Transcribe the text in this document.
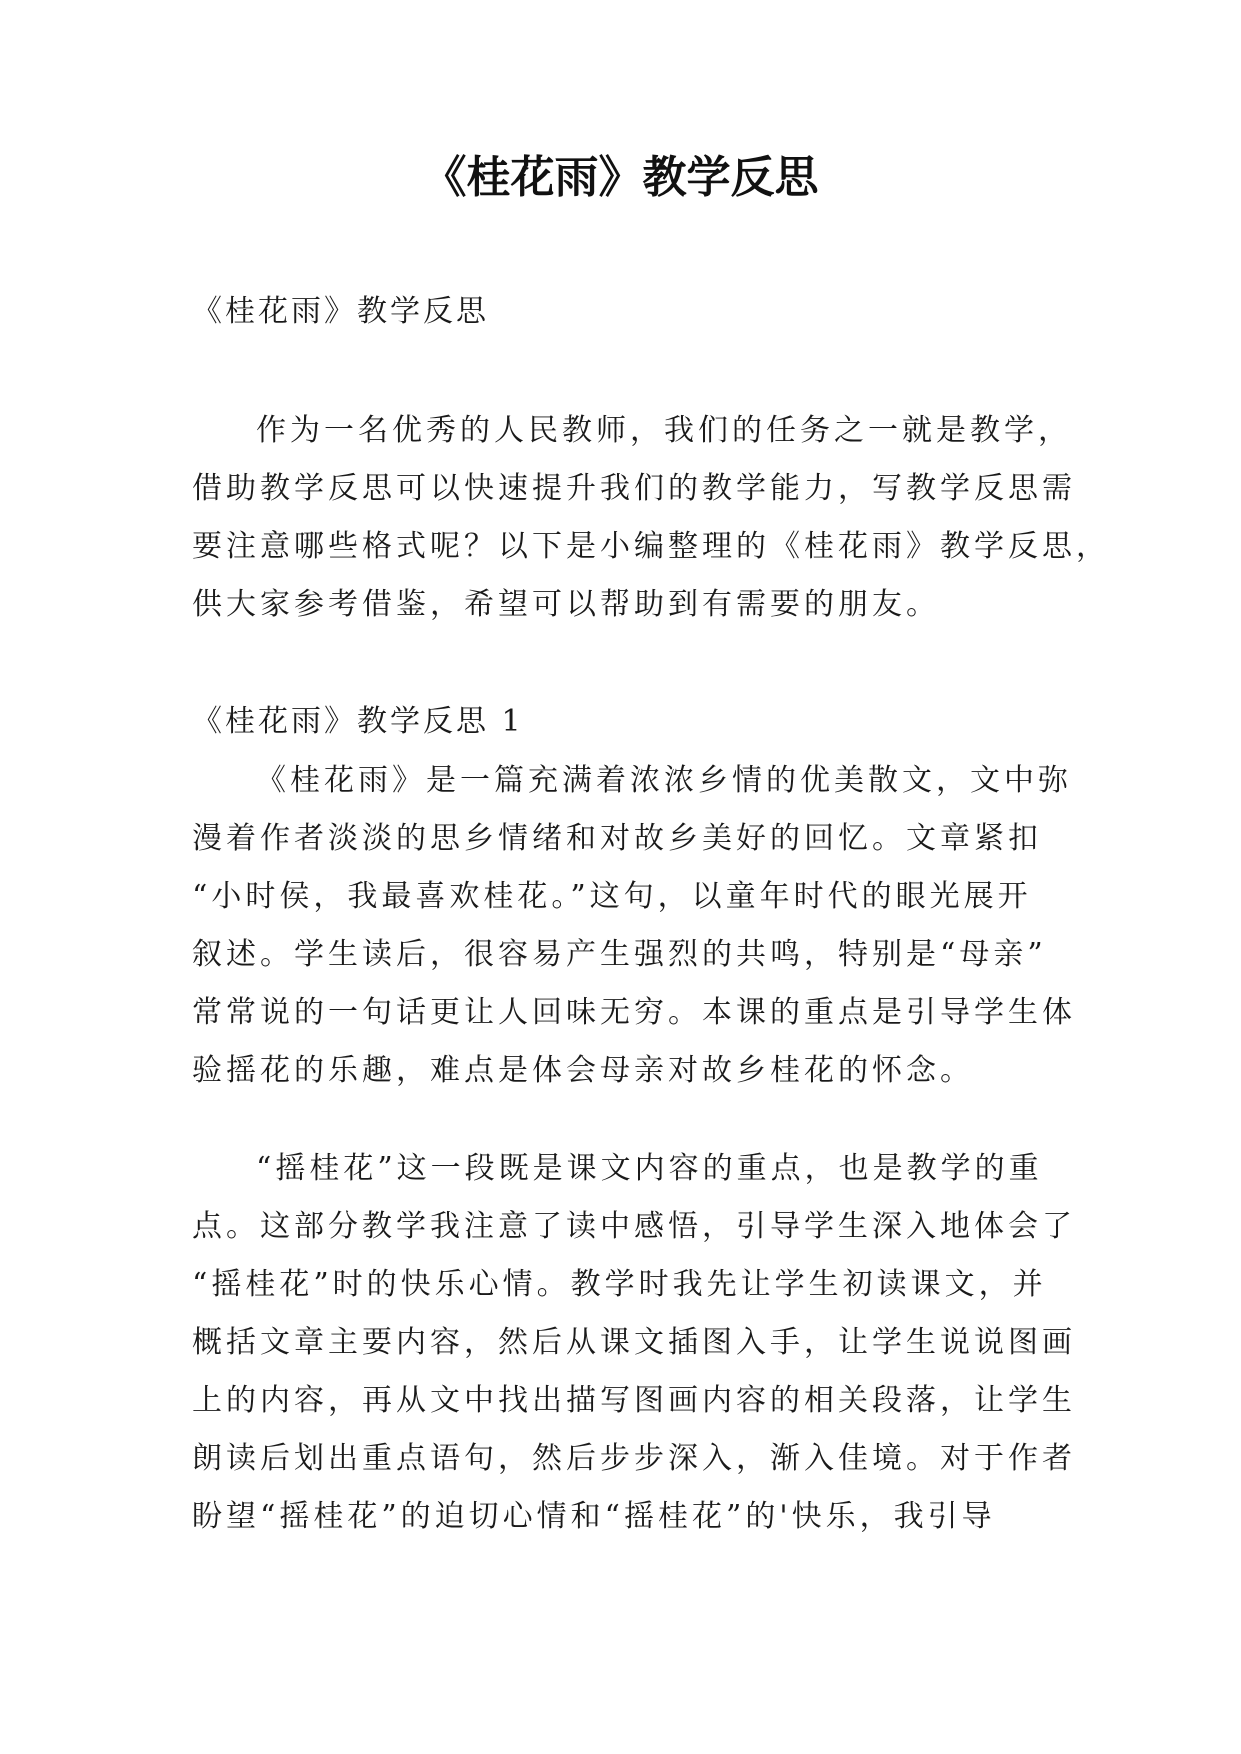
《桂花雨》教学反思

《桂花雨》教学反思

作为一名优秀的人民教师，我们的任务之一就是教学，
借助教学反思可以快速提升我们的教学能力，写教学反思需
要注意哪些格式呢？以下是小编整理的《桂花雨》教学反思，
供大家参考借鉴，希望可以帮助到有需要的朋友。

《桂花雨》教学反思 1

《桂花雨》是一篇充满着浓浓乡情的优美散文，文中弥
漫着作者淡淡的思乡情绪和对故乡美好的回忆。文章紧扣
“小时侯，我最喜欢桂花。”这句，以童年时代的眼光展开
叙述。学生读后，很容易产生强烈的共鸣，特别是“母亲”
常常说的一句话更让人回味无穷。本课的重点是引导学生体
验摇花的乐趣，难点是体会母亲对故乡桂花的怀念。
“摇桂花”这一段既是课文内容的重点，也是教学的重
点。这部分教学我注意了读中感悟，引导学生深入地体会了
“摇桂花”时的快乐心情。教学时我先让学生初读课文，并
概括文章主要内容，然后从课文插图入手，让学生说说图画
上的内容，再从文中找出描写图画内容的相关段落，让学生
朗读后划出重点语句，然后步步深入，渐入佳境。对于作者
盼望“摇桂花”的迫切心情和“摇桂花”的'快乐，我引导
